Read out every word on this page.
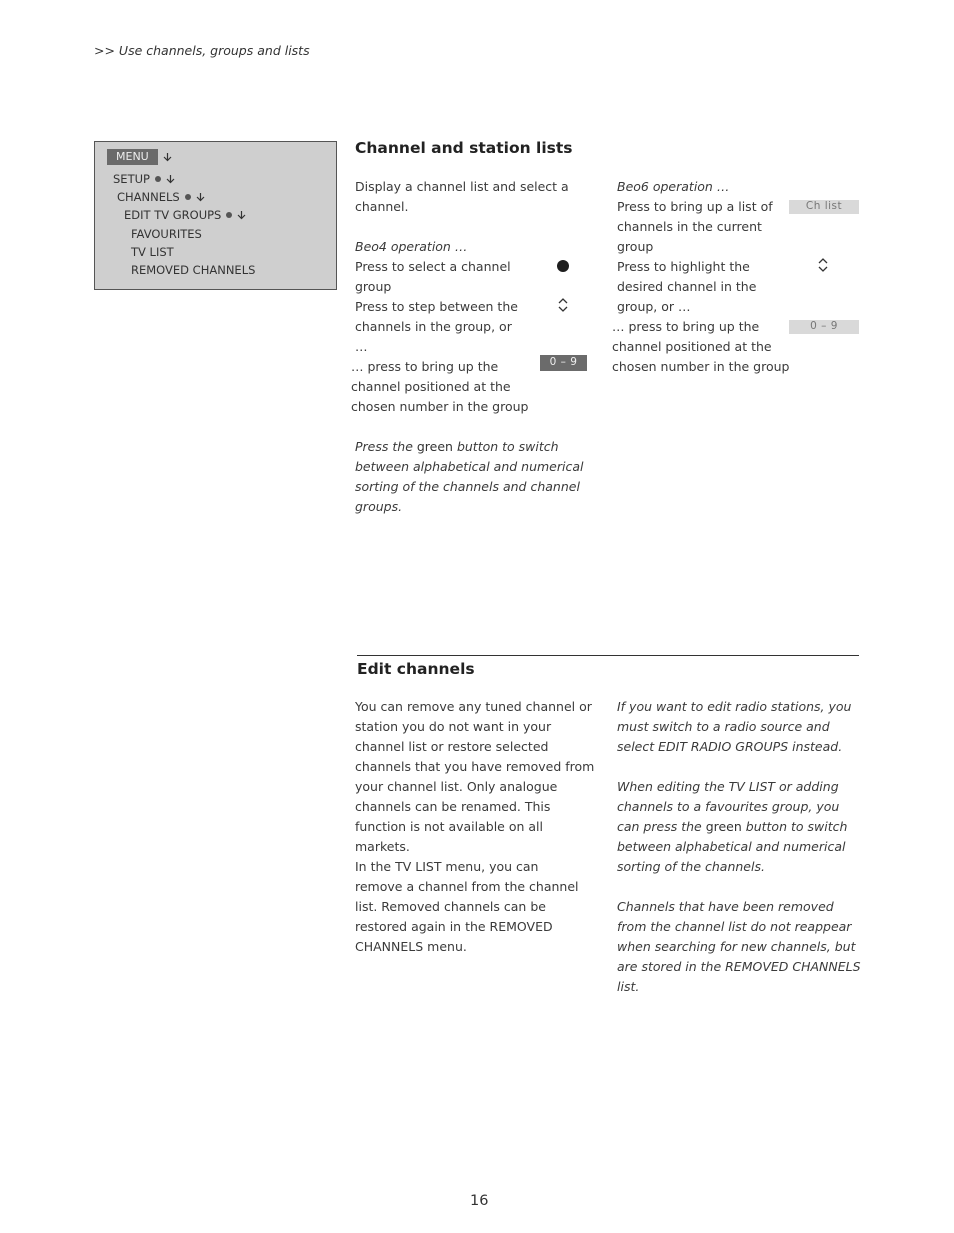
>> Use channels, groups and lists
MENU
SETUP
CHANNELS
EDIT TV GROUPS
FAVOURITES
TV LIST
REMOVED CHANNELS
Channel and station lists
Display a channel list and select a channel.
Beo4 operation …
Press to select a channel group
Press to step between the channels in the group, or …
… press to bring up the channel positioned at the chosen number in the group
0 – 9
Press the green button to switch between alphabetical and numerical sorting of the channels and channel groups.
Beo6 operation …
Press to bring up a list of channels in the current group
Ch list
Press to highlight the desired channel in the group, or …
… press to bring up the channel positioned at the chosen number in the group
0 – 9
Edit channels
You can remove any tuned channel or station you do not want in your channel list or restore selected channels that you have removed from your channel list. Only analogue channels can be renamed. This function is not available on all markets.
In the TV LIST menu, you can remove a channel from the channel list. Removed channels can be restored again in the REMOVED CHANNELS menu.
If you want to edit radio stations, you must switch to a radio source and select EDIT RADIO GROUPS instead.
When editing the TV LIST or adding channels to a favourites group, you can press the green button to switch between alphabetical and numerical sorting of the channels.
Channels that have been removed from the channel list do not reappear when searching for new channels, but are stored in the REMOVED CHANNELS list.
16
